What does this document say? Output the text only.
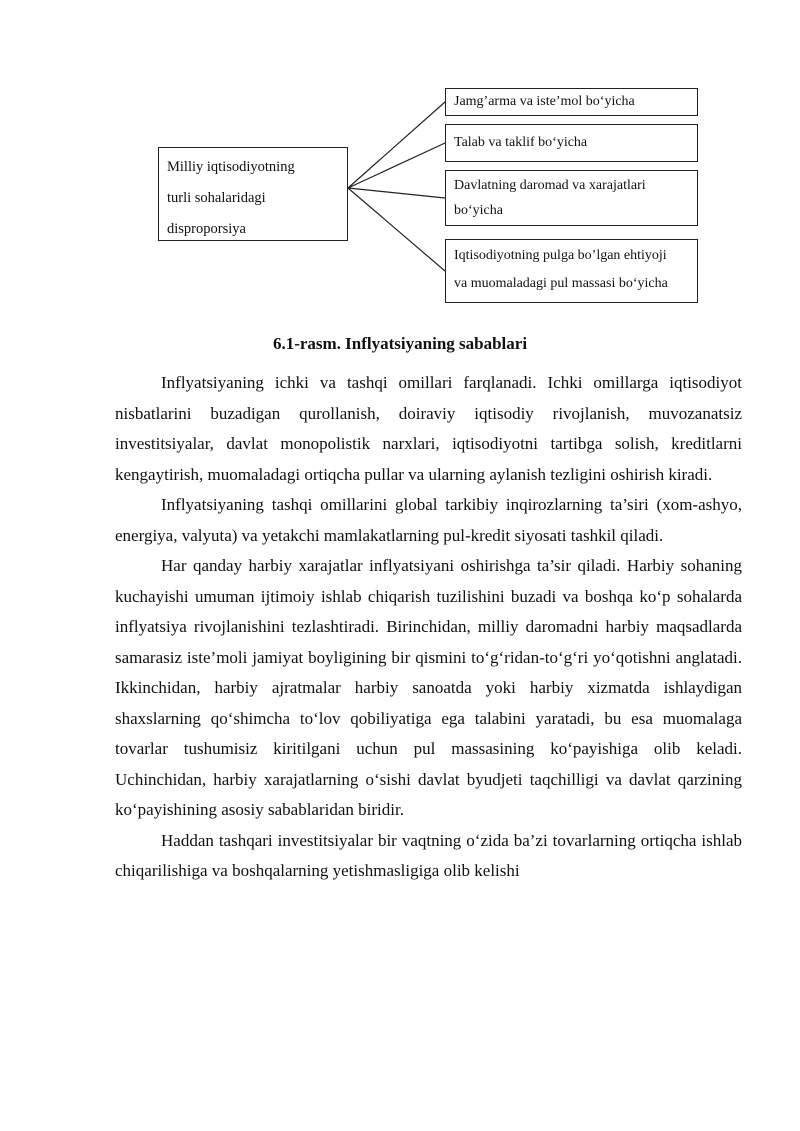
Milliy iqtisodiyotning
turli sohalaridagi
disproporsiya
Jamg’arma va iste’mol bo‘yicha
Talab va taklif bo‘yicha
Davlatning daromad va xarajatlari
bo‘yicha
Iqtisodiyotning pulga bo’lgan ehtiyoji
va muomaladagi pul massasi bo‘yicha
6.1-rasm. Inflyatsiyaning sabablari

Inflyatsiyaning ichki va tashqi omillari farqlanadi. Ichki omillarga iqtisodiyot nisbatlarini buzadigan qurollanish, doiraviy iqtisodiy rivojlanish, muvozanatsiz investitsiyalar, davlat monopolistik narxlari, iqtisodiyotni tartibga solish, kreditlarni kengaytirish, muomaladagi ortiqcha pullar va ularning aylanish tezligini oshirish kiradi.

Inflyatsiyaning tashqi omillarini global tarkibiy inqirozlarning ta’siri (xom-ashyo, energiya, valyuta) va yetakchi mamlakatlarning pul-kredit siyosati tashkil qiladi.

Har qanday harbiy xarajatlar inflyatsiyani oshirishga ta’sir qiladi. Harbiy sohaning kuchayishi umuman ijtimoiy ishlab chiqarish tuzilishini buzadi va boshqa ko‘p sohalarda inflyatsiya rivojlanishini tezlashtiradi. Birinchidan, milliy daromadni harbiy maqsadlarda samarasiz iste’moli jamiyat boyligining bir qismini to‘g‘ridan-to‘g‘ri yo‘qotishni anglatadi. Ikkinchidan, harbiy ajratmalar harbiy sanoatda yoki harbiy xizmatda ishlaydigan shaxslarning qo‘shimcha to‘lov qobiliyatiga ega talabini yaratadi, bu esa muomalaga tovarlar tushumisiz kiritilgani uchun pul massasining ko‘payishiga olib keladi. Uchinchidan, harbiy xarajatlarning o‘sishi davlat byudjeti taqchilligi va davlat qarzining ko‘payishining asosiy sabablaridan biridir.

Haddan tashqari investitsiyalar bir vaqtning o‘zida ba’zi tovarlarning ortiqcha ishlab chiqarilishiga va boshqalarning yetishmasligiga olib kelishi
